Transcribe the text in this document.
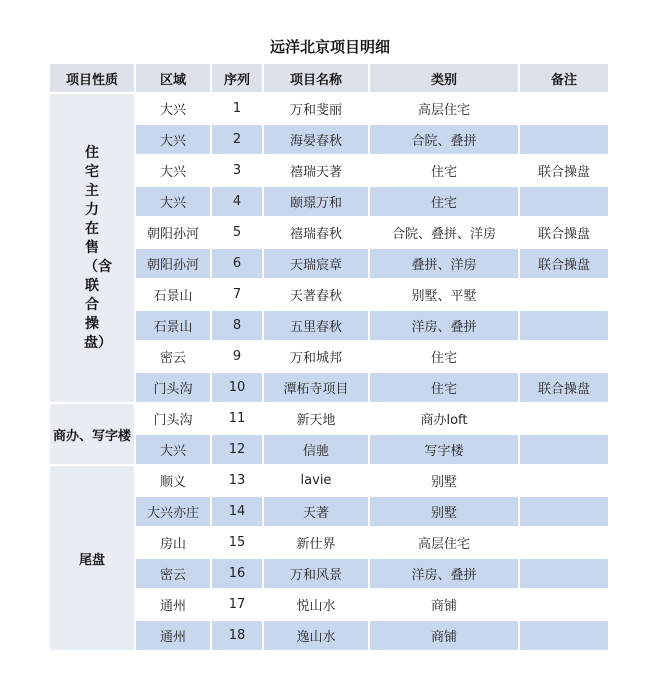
远洋北京项目明细
项目性质	区域	序列	项目名称	类别	备注
住宅主力在售（含联合操盘）	大兴	1	万和斐丽	高层住宅	
	大兴	2	海晏春秋	合院、叠拼	
	大兴	3	禧瑞天著	住宅	联合操盘
	大兴	4	颐璟万和	住宅	
	朝阳孙河	5	禧瑞春秋	合院、叠拼、洋房	联合操盘
	朝阳孙河	6	天瑞宸章	叠拼、洋房	联合操盘
	石景山	7	天著春秋	别墅、平墅	
	石景山	8	五里春秋	洋房、叠拼	
	密云	9	万和城邦	住宅	
	门头沟	10	潭柘寺项目	住宅	联合操盘
商办、写字楼	门头沟	11	新天地	商办loft	
	大兴	12	信驰	写字楼	
尾盘	顺义	13	lavie	别墅	
	大兴亦庄	14	天著	别墅	
	房山	15	新仕界	高层住宅	
	密云	16	万和风景	洋房、叠拼	
	通州	17	悦山水	商铺	
	通州	18	逸山水	商铺	
